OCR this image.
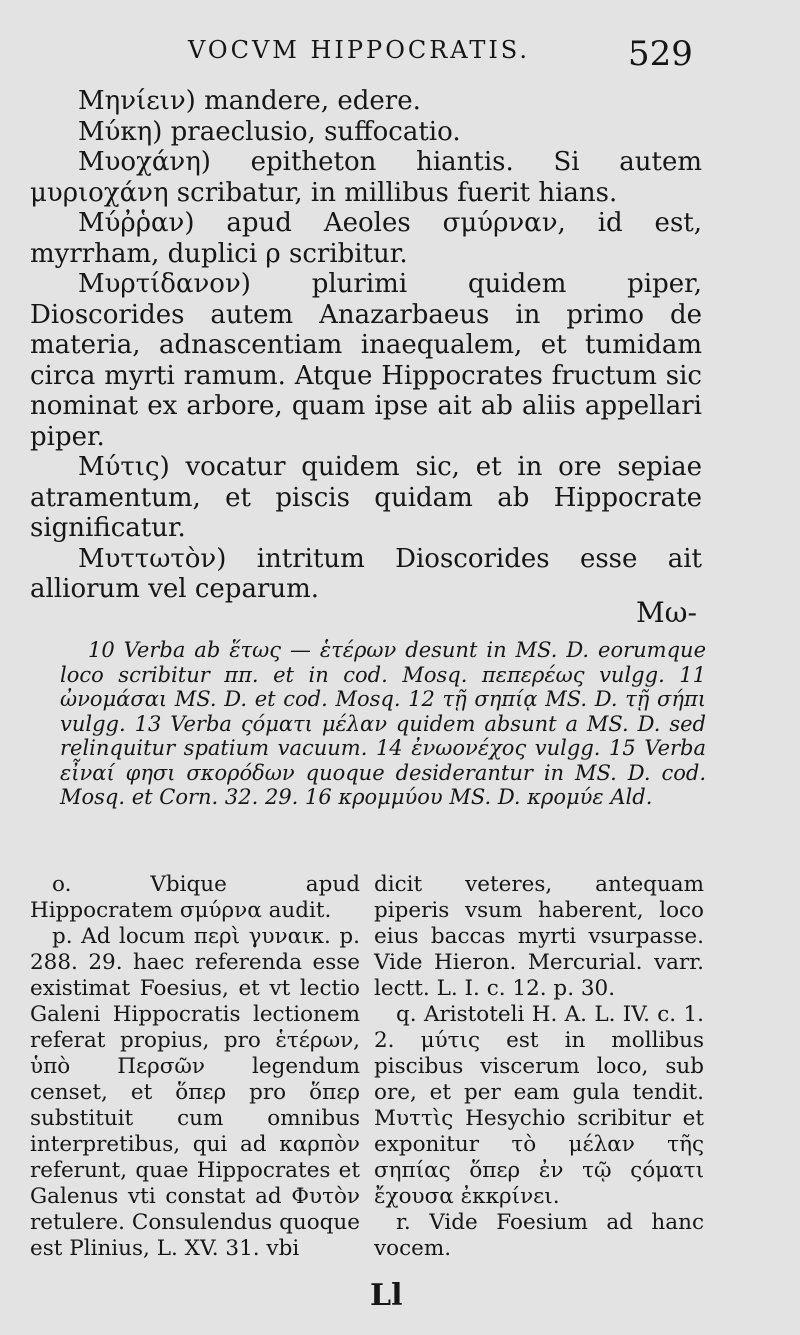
VOCVM HIPPOCRATIS.	529

Μηνίειν) mandere, edere.

Μύκη) praeclusio, suffocatio.

Μυοχάνη) epitheton hiantis. Si autem μυριοχάνη scribatur, in millibus fuerit hians.

Μύῤῥαν) apud Aeoles σμύρναν, id est, myrrham, duplici ρ scribitur.

Μυρτίδανον) plurimi quidem piper, Dioscorides autem Anazarbaeus in primo de materia, adnascentiam inaequalem, et tumidam circa myrti ramum. Atque Hippocrates fructum sic nominat ex arbore, quam ipse ait ab aliis appellari piper.

Μύτις) vocatur quidem sic, et in ore sepiae atramentum, et piscis quidam ab Hippocrate significatur.

Μυττωτὸν) intritum Dioscorides esse ait alliorum vel ceparum.

Μω-

10 Verba ab ἕτως — ἑτέρων desunt in MS. D. eorumque loco scribitur ππ. et in cod. Mosq. πεπερέως vulgg. 11 ὠνομάσαι MS. D. et cod. Mosq. 12 τῇ σηπίᾳ MS. D. τῇ σήπι vulgg. 13 Verba ςόματι μέλαν quidem absunt a MS. D. sed relinquitur spatium vacuum. 14 ἐνωονέχος vulgg. 15 Verba εἶναί φησι σκορόδων quoque desiderantur in MS. D. cod. Mosq. et Corn. 32. 29. 16 κρομμύου MS. D. κρομύε Ald.

o. Vbique apud Hippocratem σμύρνα audit.

p. Ad locum περὶ γυναικ. p. 288. 29. haec referenda esse existimat Foesius, et vt lectio Galeni Hippocratis lectionem referat propius, pro ἑτέρων, ὑπὸ Περσῶν legendum censet, et ὅπερ pro ὅπερ substituit cum omnibus interpretibus, qui ad καρπὸν referunt, quae Hippocrates et Galenus vti constat ad Φυτὸν retulere. Consulendus quoque est Plinius, L. XV. 31. vbi

dicit veteres, antequam piperis vsum haberent, loco eius baccas myrti vsurpasse. Vide Hieron. Mercurial. varr. lectt. L. I. c. 12. p. 30.

q. Aristoteli H. A. L. IV. c. 1. 2. μύτις est in mollibus piscibus viscerum loco, sub ore, et per eam gula tendit. Μυττὶς Hesychio scribitur et exponitur τὸ μέλαν τῆς σηπίας ὅπερ ἐν τῷ ςόματι ἔχουσα ἐκκρίνει.

r. Vide Foesium ad hanc vocem.

Ll
